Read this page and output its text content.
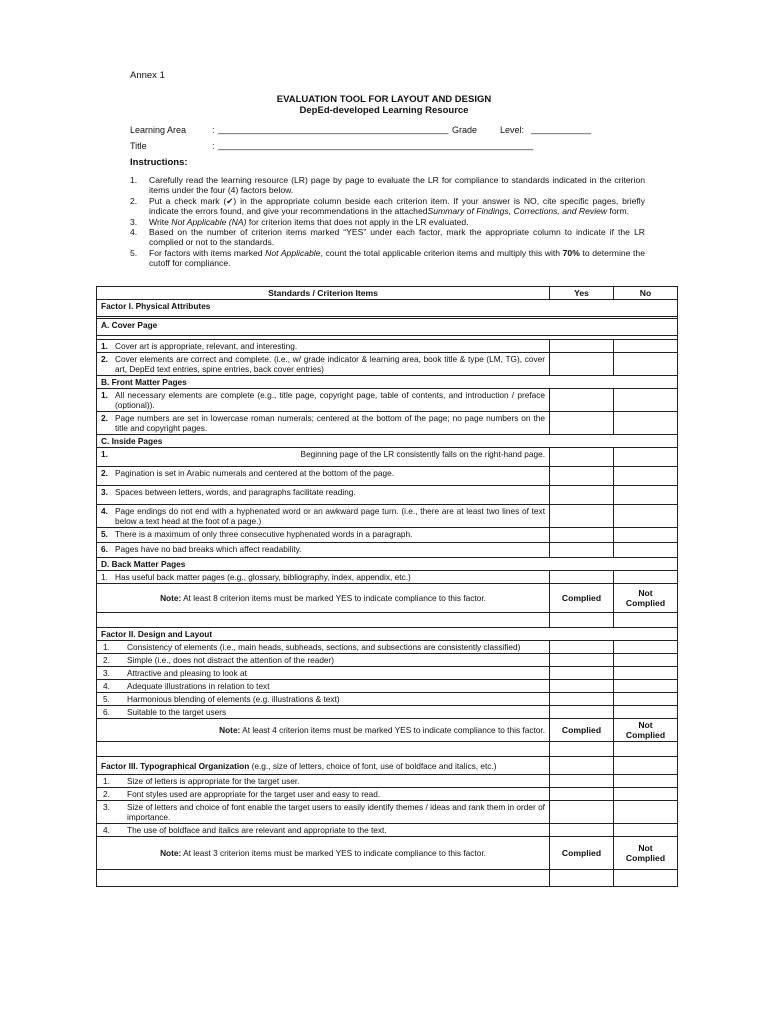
Annex 1
EVALUATION TOOL FOR LAYOUT AND DESIGN
DepEd-developed Learning Resource
Learning Area	: ______________________________________________ Grade	Level: ____________
Title	: _______________________________________________________________
Instructions:
1. Carefully read the learning resource (LR) page by page to evaluate the LR for compliance to standards indicated in the criterion items under the four (4) factors below.
2. Put a check mark (✔) in the appropriate column beside each criterion item. If your answer is NO, cite specific pages, briefly indicate the errors found, and give your recommendations in the attachedSummary of Findings, Corrections, and Review form.
3. Write Not Applicable (NA) for criterion items that does not apply in the LR evaluated.
4. Based on the number of criterion items marked “YES” under each factor, mark the appropriate column to indicate if the LR complied or not to the standards.
5. For factors with items marked Not Applicable, count the total applicable criterion items and multiply this with 70% to determine the cutoff for compliance.
Standards / Criterion Items	Yes	No
Factor I. Physical Attributes		

A. Cover Page		

1. Cover art is appropriate, relevant, and interesting.		

2. Cover elements are correct and complete. (i.e., w/ grade indicator & learning area, book title & type (LM, TG), cover art, DepEd text entries, spine entries, back cover entries)		
B. Front Matter Pages		

1. All necessary elements are complete (e.g., title page, copyright page, table of contents, and introduction / preface (optional)).		

2. Page numbers are set in lowercase roman numerals; centered at the bottom of the page; no page numbers on the title and copyright pages.		
C. Inside Pages		

1. Beginning page of the LR consistently falls on the right-hand page.		

2. Pagination is set in Arabic numerals and centered at the bottom of the page.		

3. Spaces between letters, words, and paragraphs facilitate reading.		

4. Page endings do not end with a hyphenated word or an awkward page turn. (i.e., there are at least two lines of text below a text head at the foot of a page.)		

5. There is a maximum of only three consecutive hyphenated words in a paragraph.		

6. Pages have no bad breaks which affect readability.		
D. Back Matter Pages		

1. Has useful back matter pages (e.g., glossary, bibliography, index, appendix, etc.)		
Note: At least 8 criterion items must be marked YES to indicate compliance to this factor.	Complied	Not Complied

Factor II. Design and Layout		

1. Consistency of elements (i.e., main heads, subheads, sections, and subsections are consistently classified)		

2. Simple (i.e., does not distract the attention of the reader)		

3. Attractive and pleasing to look at		

4. Adequate illustrations in relation to text		

5. Harmonious blending of elements (e.g. illustrations & text)		

6. Suitable to the target users		
Note: At least 4 criterion items must be marked YES to indicate compliance to this factor.	Complied	Not Complied

Factor III. Typographical Organization (e.g., size of letters, choice of font, use of boldface and italics, etc.)		

1. Size of letters is appropriate for the target user.		

2. Font styles used are appropriate for the target user and easy to read.		

3. Size of letters and choice of font enable the target users to easily identify themes / ideas and rank them in order of importance.		

4. The use of boldface and italics are relevant and appropriate to the text.		
Note: At least 3 criterion items must be marked YES to indicate compliance to this factor.	Complied	Not Complied
